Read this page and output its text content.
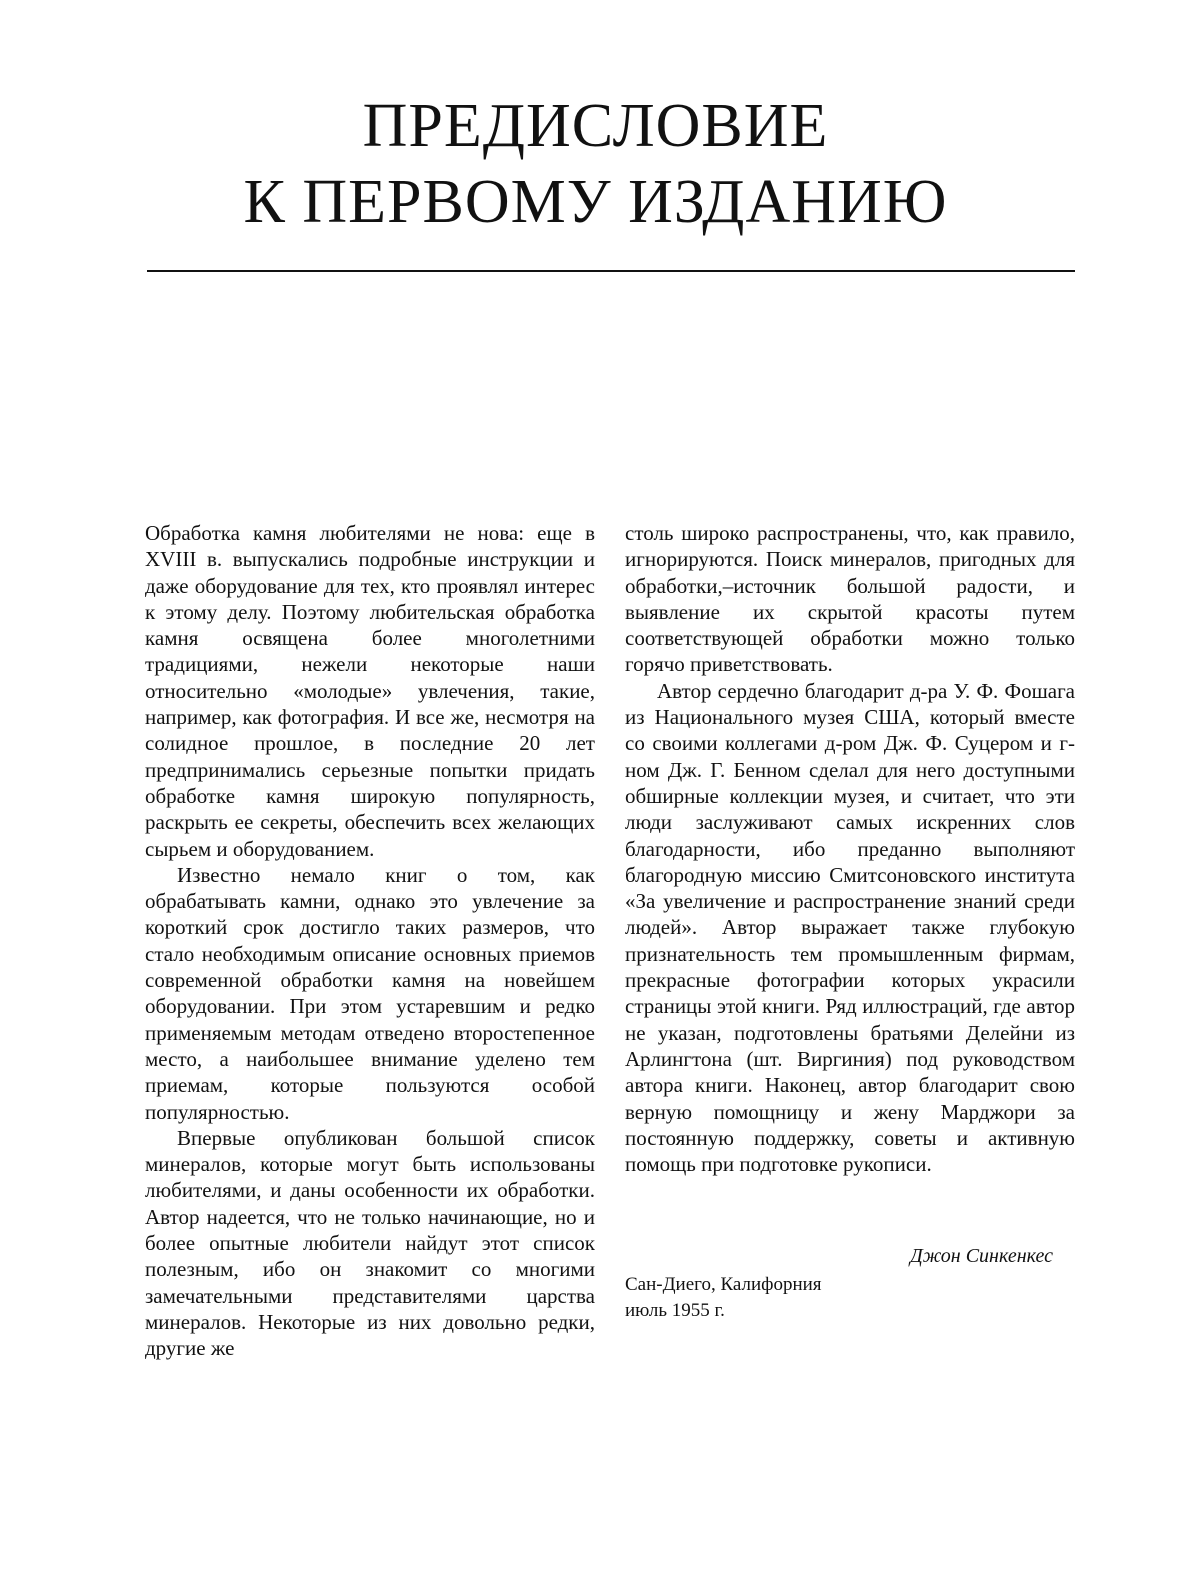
ПРЕДИСЛОВИЕ
К ПЕРВОМУ ИЗДАНИЮ

Обработка камня любителями не нова: еще в XVIII в. выпускались подробные инструкции и даже оборудование для тех, кто проявлял интерес к этому делу. Поэтому любительская обработка камня освящена более многолетними традициями, нежели некоторые наши относительно «молодые» увлечения, такие, например, как фотография. И все же, несмотря на солидное прошлое, в последние 20 лет предпринимались серьезные попытки придать обработке камня широкую популярность, раскрыть ее секреты, обеспечить всех желающих сырьем и оборудованием.

Известно немало книг о том, как обрабатывать камни, однако это увлечение за короткий срок достигло таких размеров, что стало необходимым описание основных приемов современной обработки камня на новейшем оборудовании. При этом устаревшим и редко применяемым методам отведено второстепенное место, а наибольшее внимание уделено тем приемам, которые пользуются особой популярностью.

Впервые опубликован большой список минералов, которые могут быть использованы любителями, и даны особенности их обработки. Автор надеется, что не только начинающие, но и более опытные любители найдут этот список полезным, ибо он знакомит со многими замечательными представителями царства минералов. Некоторые из них довольно редки, другие же

столь широко распространены, что, как правило, игнорируются. Поиск минералов, пригодных для обработки,–источник большой радости, и выявление их скрытой красоты путем соответствующей обработки можно только горячо приветствовать.

Автор сердечно благодарит д-ра У. Ф. Фошага из Национального музея США, который вместе со своими коллегами д-ром Дж. Ф. Суцером и г-ном Дж. Г. Бенном сделал для него доступными обширные коллекции музея, и считает, что эти люди заслуживают самых искренних слов благодарности, ибо преданно выполняют благородную миссию Смитсоновского института «За увеличение и распространение знаний среди людей». Автор выражает также глубокую признательность тем промышленным фирмам, прекрасные фотографии которых украсили страницы этой книги. Ряд иллюстраций, где автор не указан, подготовлены братьями Делейни из Арлингтона (шт. Виргиния) под руководством автора книги. Наконец, автор благодарит свою верную помощницу и жену Марджори за постоянную поддержку, советы и активную помощь при подготовке рукописи.

Джон Синкенкес
Сан-Диего, Калифорния
июль 1955 г.
